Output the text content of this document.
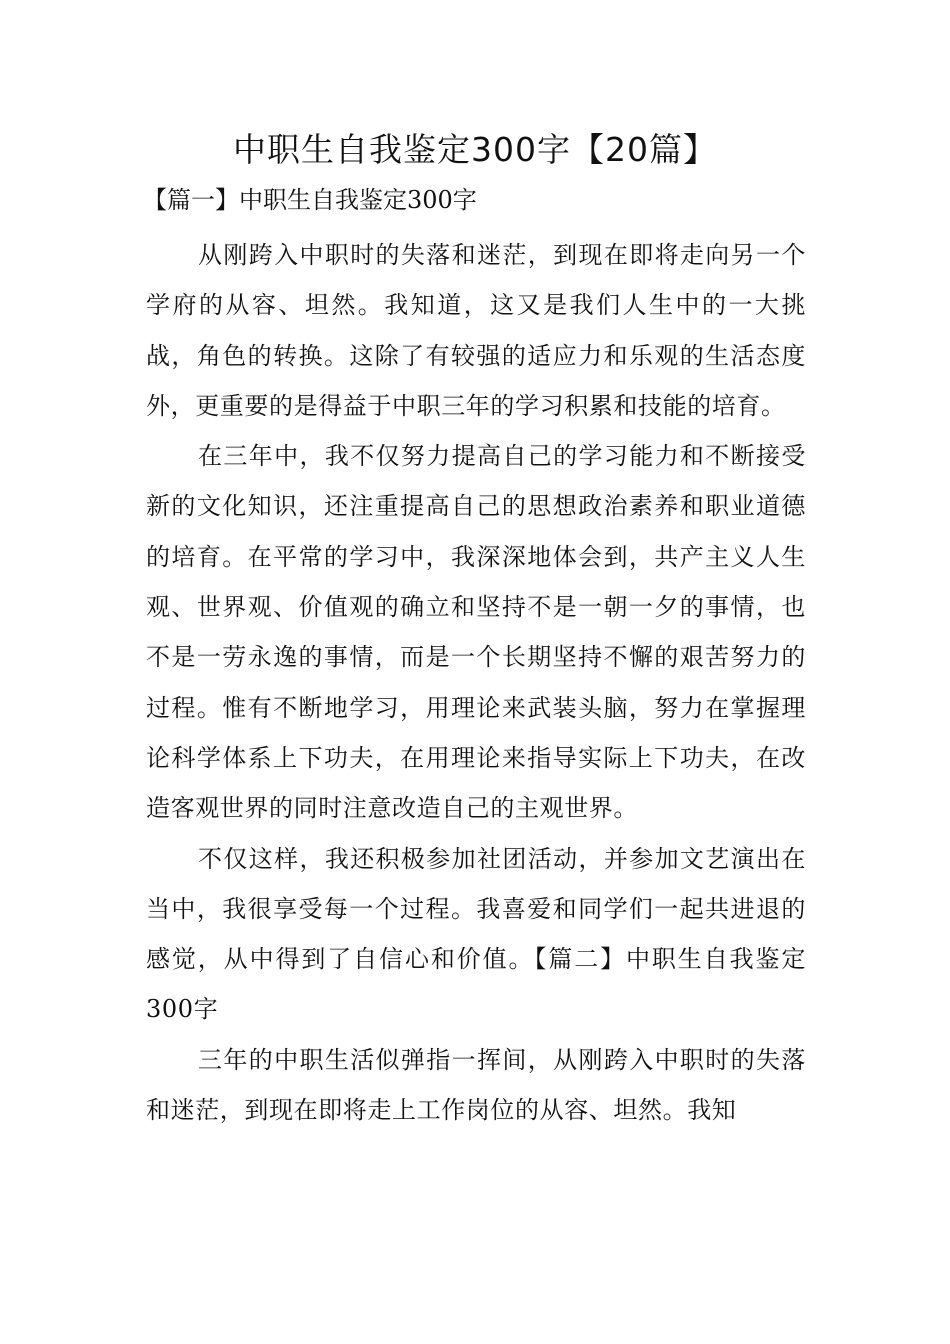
中职生自我鉴定300字【20篇】
【篇一】中职生自我鉴定300字

从刚跨入中职时的失落和迷茫，到现在即将走向另一个学府的从容、坦然。我知道，这又是我们人生中的一大挑战，角色的转换。这除了有较强的适应力和乐观的生活态度外，更重要的是得益于中职三年的学习积累和技能的培育。

在三年中，我不仅努力提高自己的学习能力和不断接受新的文化知识，还注重提高自己的思想政治素养和职业道德的培育。在平常的学习中，我深深地体会到，共产主义人生观、世界观、价值观的确立和坚持不是一朝一夕的事情，也不是一劳永逸的事情，而是一个长期坚持不懈的艰苦努力的过程。惟有不断地学习，用理论来武装头脑，努力在掌握理论科学体系上下功夫，在用理论来指导实际上下功夫，在改造客观世界的同时注意改造自己的主观世界。

不仅这样，我还积极参加社团活动，并参加文艺演出在当中，我很享受每一个过程。我喜爱和同学们一起共进退的感觉，从中得到了自信心和价值。【篇二】中职生自我鉴定300字

三年的中职生活似弹指一挥间，从刚跨入中职时的失落和迷茫，到现在即将走上工作岗位的从容、坦然。我知
